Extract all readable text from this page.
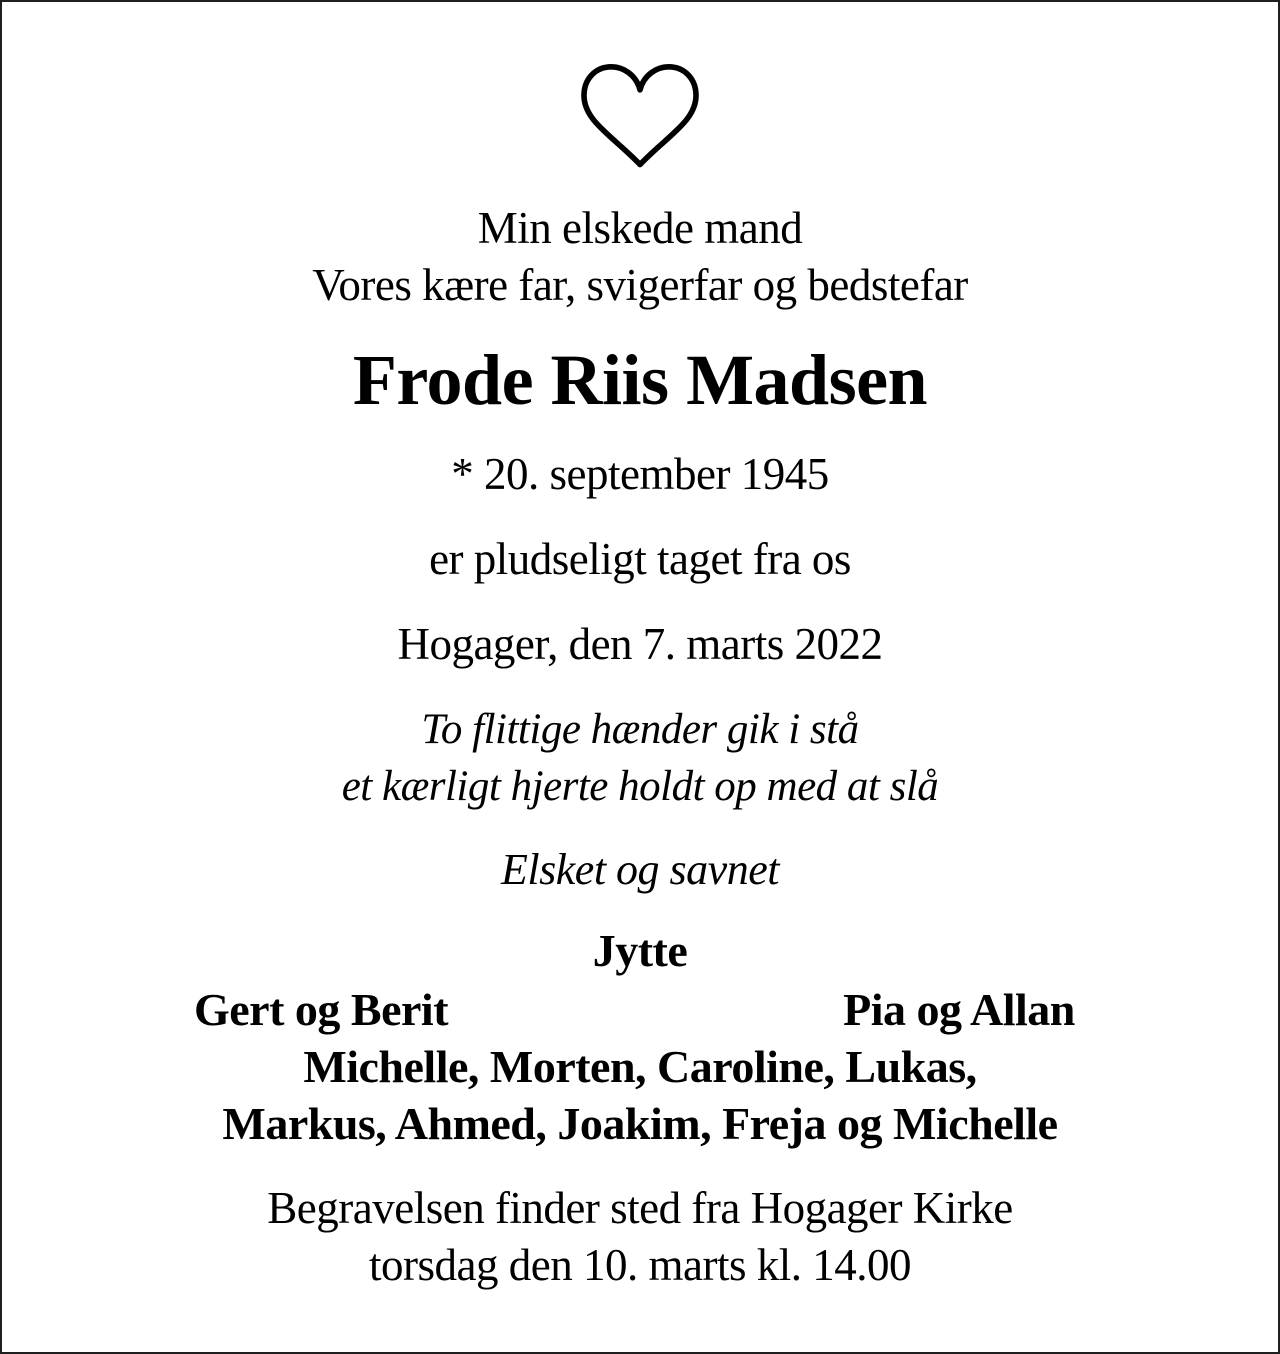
Min elskede mand
Vores kære far, svigerfar og bedstefar
Frode Riis Madsen
* 20. september 1945
er pludseligt taget fra os
Hogager, den 7. marts 2022
To flittige hænder gik i stå
et kærligt hjerte holdt op med at slå
Elsket og savnet
Jytte
Gert og Berit	Pia og Allan
Michelle, Morten, Caroline, Lukas,
Markus, Ahmed, Joakim, Freja og Michelle
Begravelsen finder sted fra Hogager Kirke
torsdag den 10. marts kl. 14.00
